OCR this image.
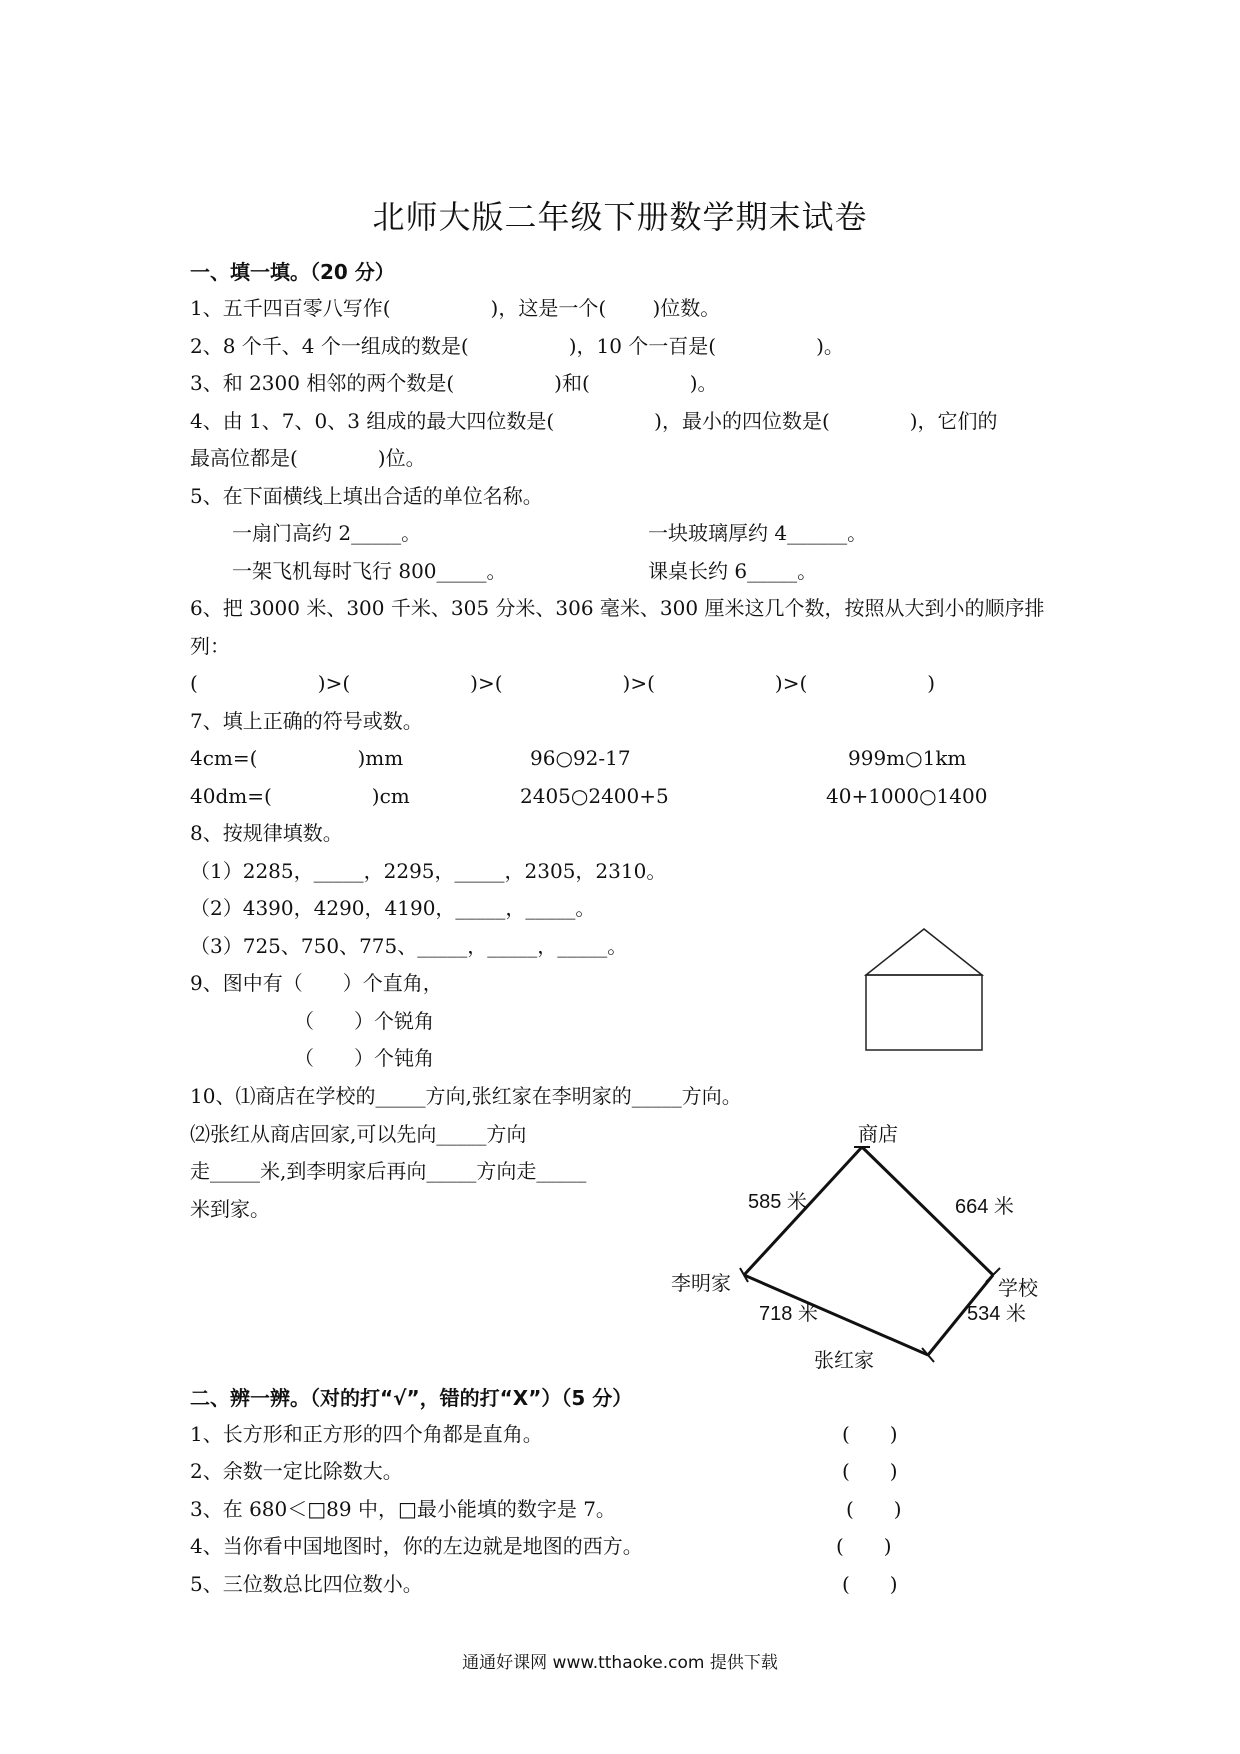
北师大版二年级下册数学期末试卷
一、填一填。（20 分）
1、五千四百零八写作(　　　　　)，这是一个(　　 )位数。
2、8 个千、4 个一组成的数是(　　　　　)，10 个一百是(　　　　　)。
3、和 2300 相邻的两个数是(　　　　　)和(　　　　　)。
4、由 1、7、0、3 组成的最大四位数是(　　　　　)，最小的四位数是(　　　　)，它们的
最高位都是(　　　　)位。
5、在下面横线上填出合适的单位名称。
一扇门高约 2_____。	一块玻璃厚约 4______。
一架飞机每时飞行 800_____。	课桌长约 6_____。
6、把 3000 米、300 千米、305 分米、306 毫米、300 厘米这几个数，按照从大到小的顺序排
列：
(　　　　　　)>(　　　　　　)>(　　　　　　)>(　　　　　　)>(　　　　　　)
7、填上正确的符号或数。
4cm=(　　　　　)mm	96○92-17	999m○1km
40dm=(　　　　　)cm	2405○2400+5	40+1000○1400
8、按规律填数。
（1）2285，_____，2295，_____，2305，2310。
（2）4390，4290，4190，_____，_____。
（3）725、750、775、_____，_____，_____。
9、图中有（　　）个直角，
（　　）个锐角
（　　）个钝角
10、⑴商店在学校的_____方向,张红家在李明家的_____方向。
⑵张红从商店回家,可以先向_____方向
走_____米,到李明家后再向_____方向走_____
米到家。
商店
学校
李明家
张红家
585 米	664 米
718 米	534 米
二、辨一辨。（对的打“√”，错的打“X”）（5 分）
1、长方形和正方形的四个角都是直角。	(　　)
2、余数一定比除数大。	(　　)
3、在 680＜□89 中，□最小能填的数字是 7。	(　　)
4、当你看中国地图时，你的左边就是地图的西方。	(　　)
5、三位数总比四位数小。	(　　)
通通好课网 www.tthaoke.com 提供下载
